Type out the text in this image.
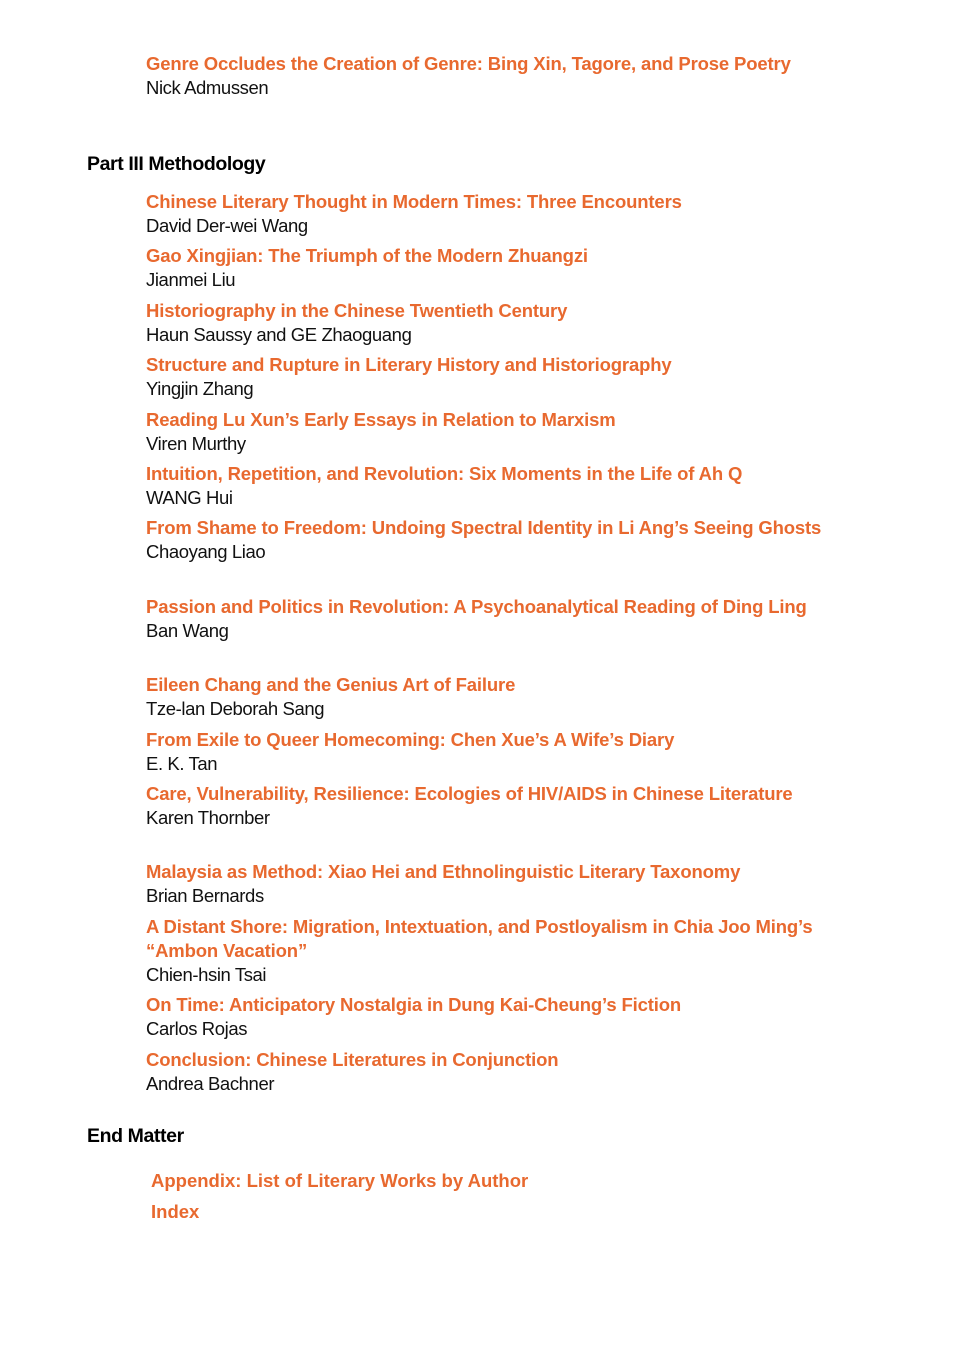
Genre Occludes the Creation of Genre: Bing Xin, Tagore, and Prose Poetry
Nick Admussen
Part III Methodology
Chinese Literary Thought in Modern Times: Three Encounters
David Der-wei Wang
Gao Xingjian: The Triumph of the Modern Zhuangzi
Jianmei Liu
Historiography in the Chinese Twentieth Century
Haun Saussy and GE Zhaoguang
Structure and Rupture in Literary History and Historiography
Yingjin Zhang
Reading Lu Xun’s Early Essays in Relation to Marxism
Viren Murthy
Intuition, Repetition, and Revolution: Six Moments in the Life of Ah Q
WANG Hui
From Shame to Freedom: Undoing Spectral Identity in Li Ang’s Seeing Ghosts
Chaoyang Liao
Passion and Politics in Revolution: A Psychoanalytical Reading of Ding Ling
Ban Wang
Eileen Chang and the Genius Art of Failure
Tze-lan Deborah Sang
From Exile to Queer Homecoming: Chen Xue’s A Wife’s Diary
E. K. Tan
Care, Vulnerability, Resilience: Ecologies of HIV/AIDS in Chinese Literature
Karen Thornber
Malaysia as Method: Xiao Hei and Ethnolinguistic Literary Taxonomy
Brian Bernards
A Distant Shore: Migration, Intextuation, and Postloyalism in Chia Joo Ming’s “Ambon Vacation”
Chien-hsin Tsai
On Time: Anticipatory Nostalgia in Dung Kai-Cheung’s Fiction
Carlos Rojas
Conclusion: Chinese Literatures in Conjunction
Andrea Bachner
End Matter
Appendix: List of Literary Works by Author
Index
